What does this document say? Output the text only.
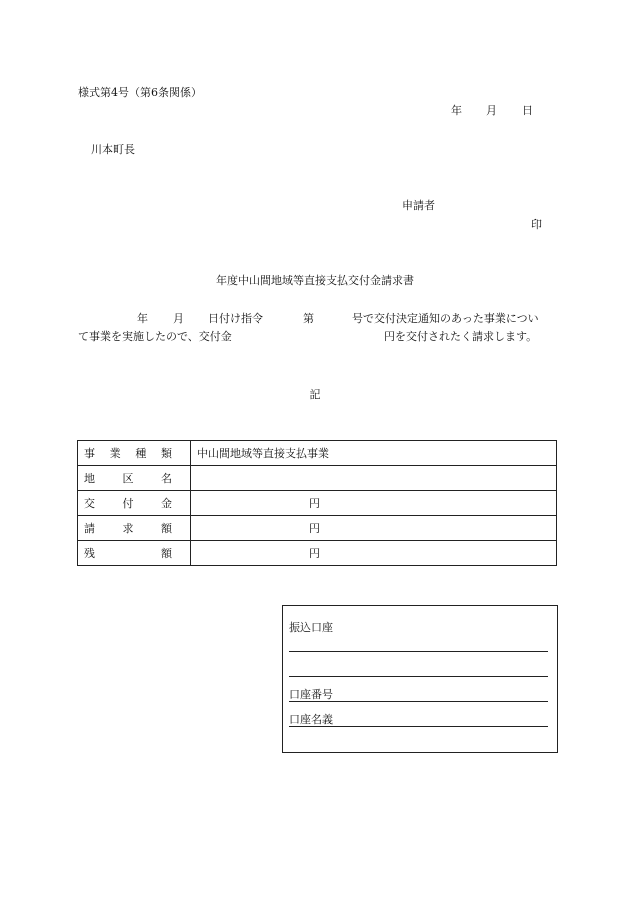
様式第4号（第6条関係）
年 月 日
川本町長
申請者
印
年度中山間地域等直接支払交付金請求書
年 月 日付け指令	第	号で交付決定通知のあった事業につい
て事業を実施したので、交付金	円を交付されたく請求します。
記
事 業 種 類	中山間地域等直接支払事業

地 区 名	

交 付 金	円

請 求 額	円

残 額	円
振込口座
口座番号
口座名義
